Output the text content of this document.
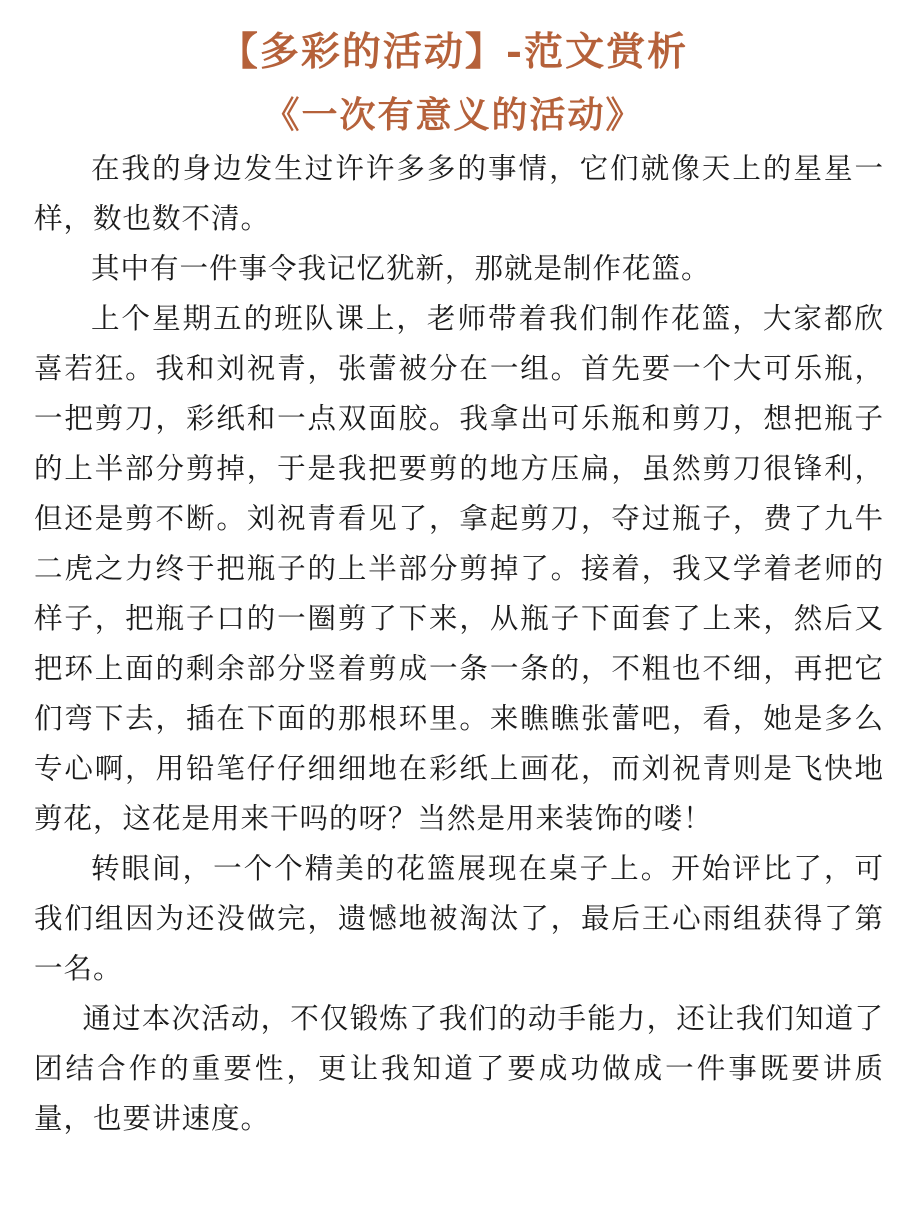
【多彩的活动】-范文赏析
《一次有意义的活动》

在我的身边发生过许许多多的事情，它们就像天上的星星一样，数也数不清。

其中有一件事令我记忆犹新，那就是制作花篮。

上个星期五的班队课上，老师带着我们制作花篮，大家都欣喜若狂。我和刘祝青，张蕾被分在一组。首先要一个大可乐瓶，一把剪刀，彩纸和一点双面胶。我拿出可乐瓶和剪刀，想把瓶子的上半部分剪掉，于是我把要剪的地方压扁，虽然剪刀很锋利，但还是剪不断。刘祝青看见了，拿起剪刀，夺过瓶子，费了九牛二虎之力终于把瓶子的上半部分剪掉了。接着，我又学着老师的样子，把瓶子口的一圈剪了下来，从瓶子下面套了上来，然后又把环上面的剩余部分竖着剪成一条一条的，不粗也不细，再把它们弯下去，插在下面的那根环里。来瞧瞧张蕾吧，看，她是多么专心啊，用铅笔仔仔细细地在彩纸上画花，而刘祝青则是飞快地剪花，这花是用来干吗的呀？当然是用来装饰的喽！

转眼间，一个个精美的花篮展现在桌子上。开始评比了，可我们组因为还没做完，遗憾地被淘汰了，最后王心雨组获得了第一名。

通过本次活动，不仅锻炼了我们的动手能力，还让我们知道了团结合作的重要性，更让我知道了要成功做成一件事既要讲质量，也要讲速度。
